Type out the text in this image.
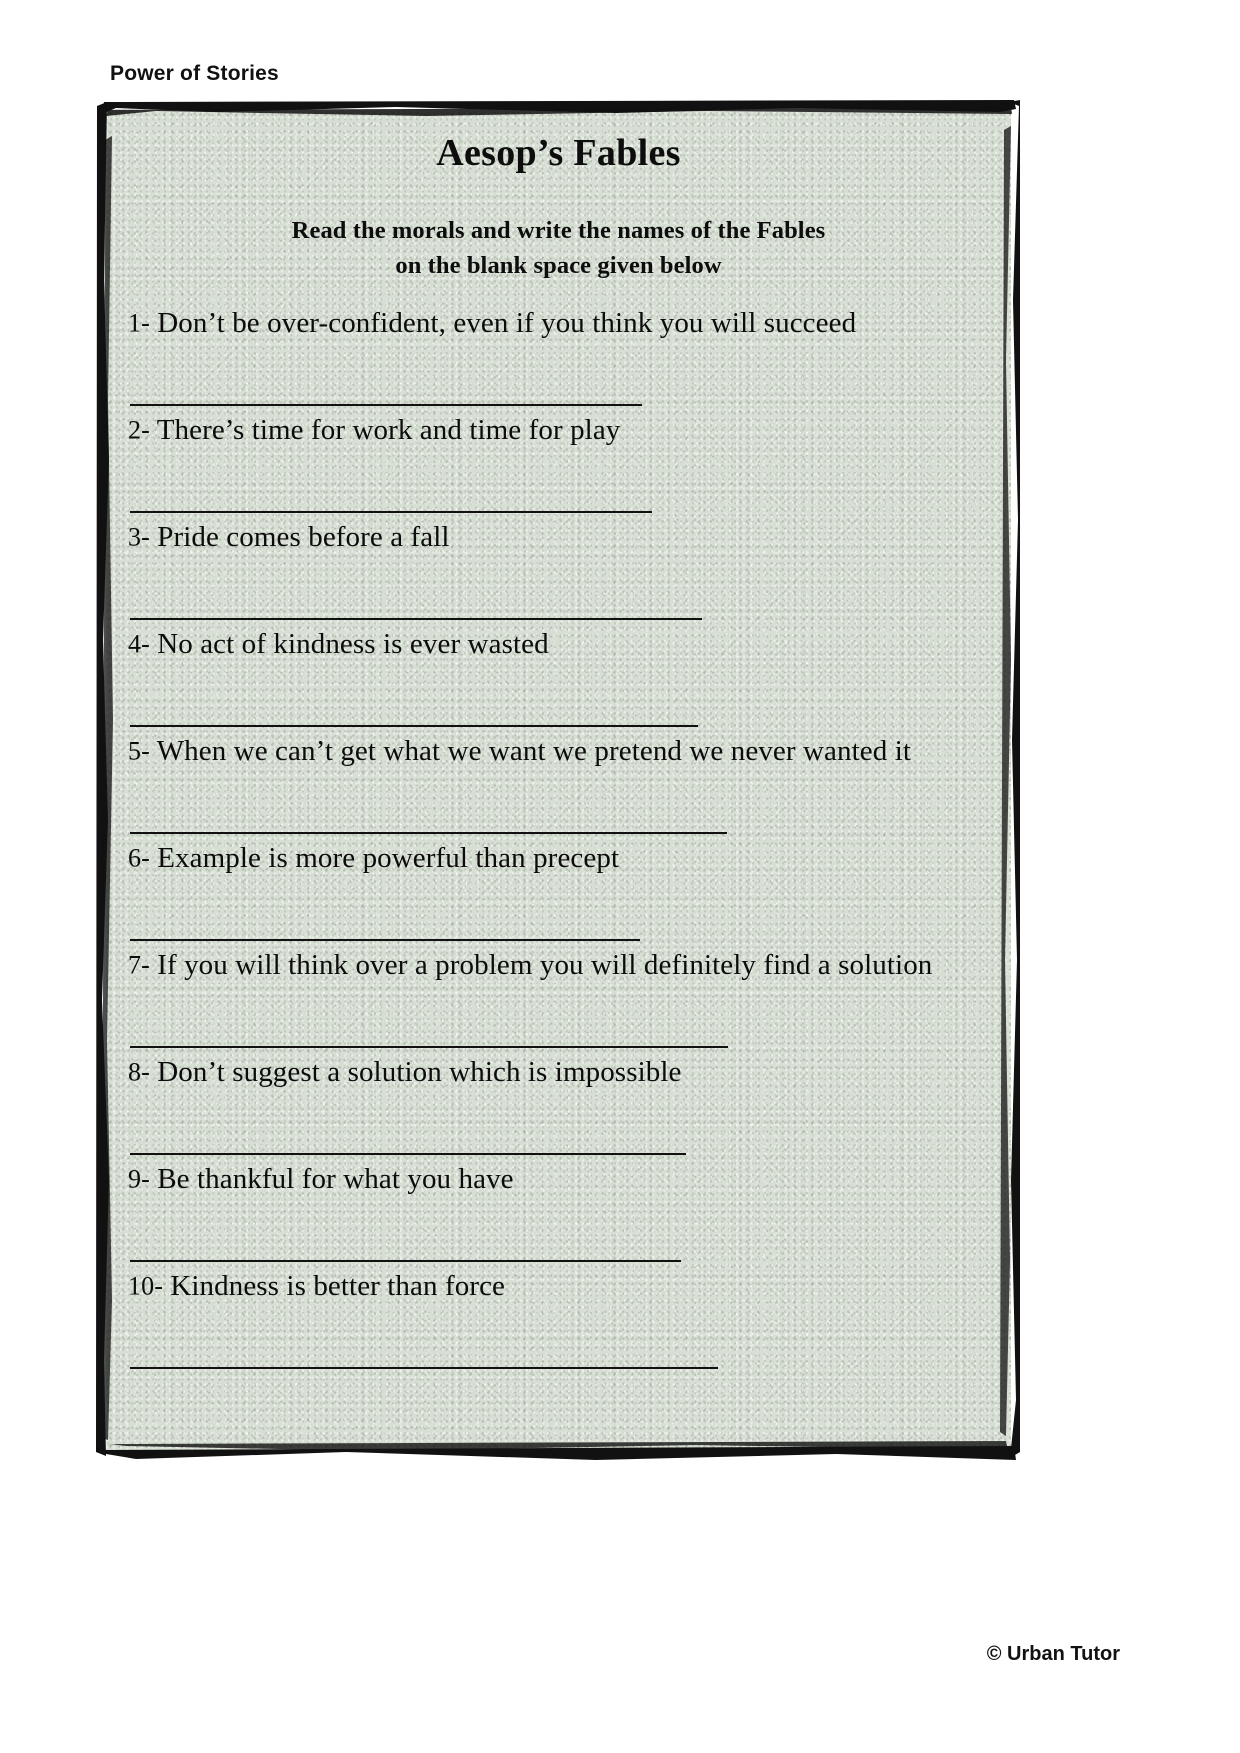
Power of Stories
Aesop’s Fables
Read the morals and write the names of the Fables
on the blank space given below
1- Don’t be over-confident, even if you think you will succeed
2- There’s time for work and time for play
3- Pride comes before a fall
4- No act of kindness is ever wasted
5- When we can’t get what we want we pretend we never wanted it
6- Example is more powerful than precept
7- If you will think over a problem you will definitely find a solution
8- Don’t suggest a solution which is impossible
9- Be thankful for what you have
10- Kindness is better than force
© Urban Tutor
